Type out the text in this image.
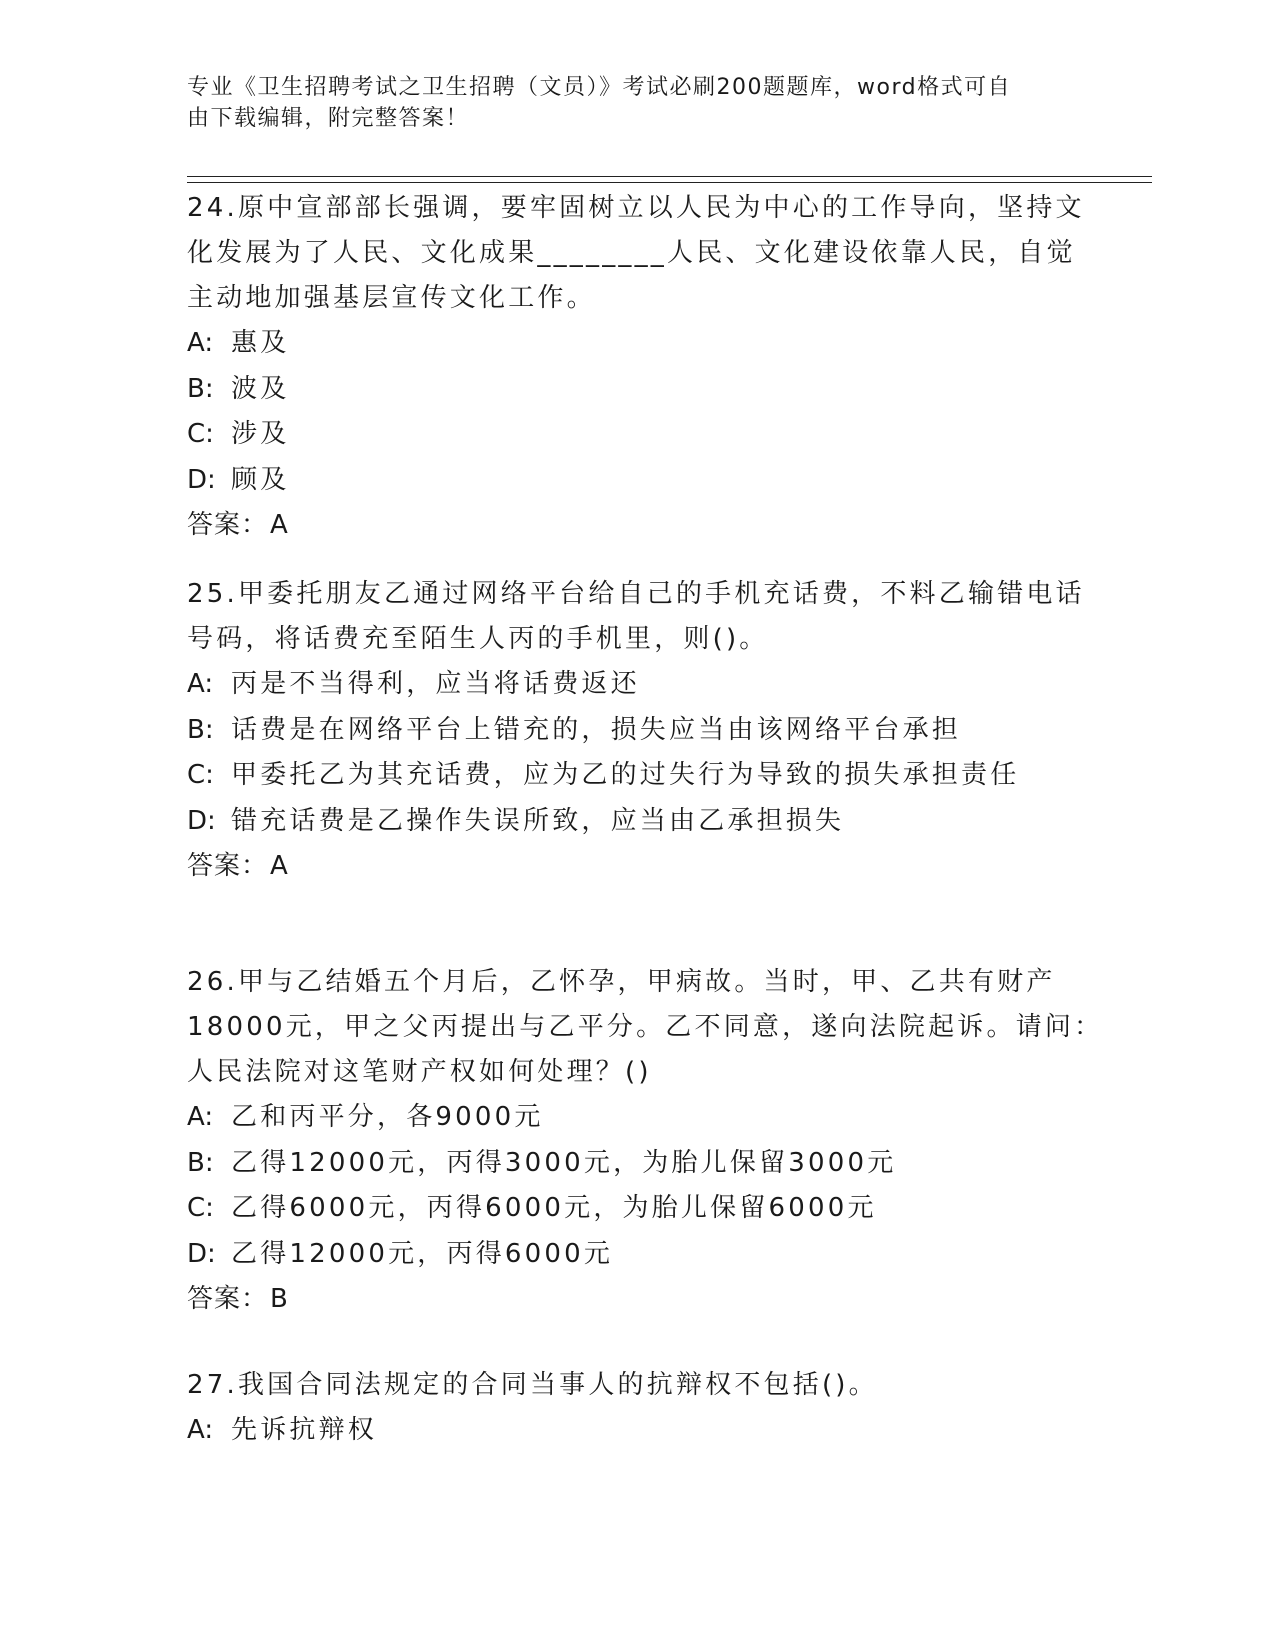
专业《卫生招聘考试之卫生招聘（文员）》考试必刷200题题库，word格式可自
由下载编辑，附完整答案！
24.原中宣部部长强调，要牢固树立以人民为中心的工作导向，坚持文
化发展为了人民、文化成果________人民、文化建设依靠人民，自觉
主动地加强基层宣传文化工作。
A: 惠及
B: 波及
C: 涉及
D: 顾及
答案：A
25.甲委托朋友乙通过网络平台给自己的手机充话费，不料乙输错电话
号码，将话费充至陌生人丙的手机里，则()。
A: 丙是不当得利，应当将话费返还
B: 话费是在网络平台上错充的，损失应当由该网络平台承担
C: 甲委托乙为其充话费，应为乙的过失行为导致的损失承担责任
D: 错充话费是乙操作失误所致，应当由乙承担损失
答案：A
26.甲与乙结婚五个月后，乙怀孕，甲病故。当时，甲、乙共有财产
18000元，甲之父丙提出与乙平分。乙不同意，遂向法院起诉。请问：
人民法院对这笔财产权如何处理？()
A: 乙和丙平分，各9000元
B: 乙得12000元，丙得3000元，为胎儿保留3000元
C: 乙得6000元，丙得6000元，为胎儿保留6000元
D: 乙得12000元，丙得6000元
答案：B
27.我国合同法规定的合同当事人的抗辩权不包括()。
A: 先诉抗辩权
